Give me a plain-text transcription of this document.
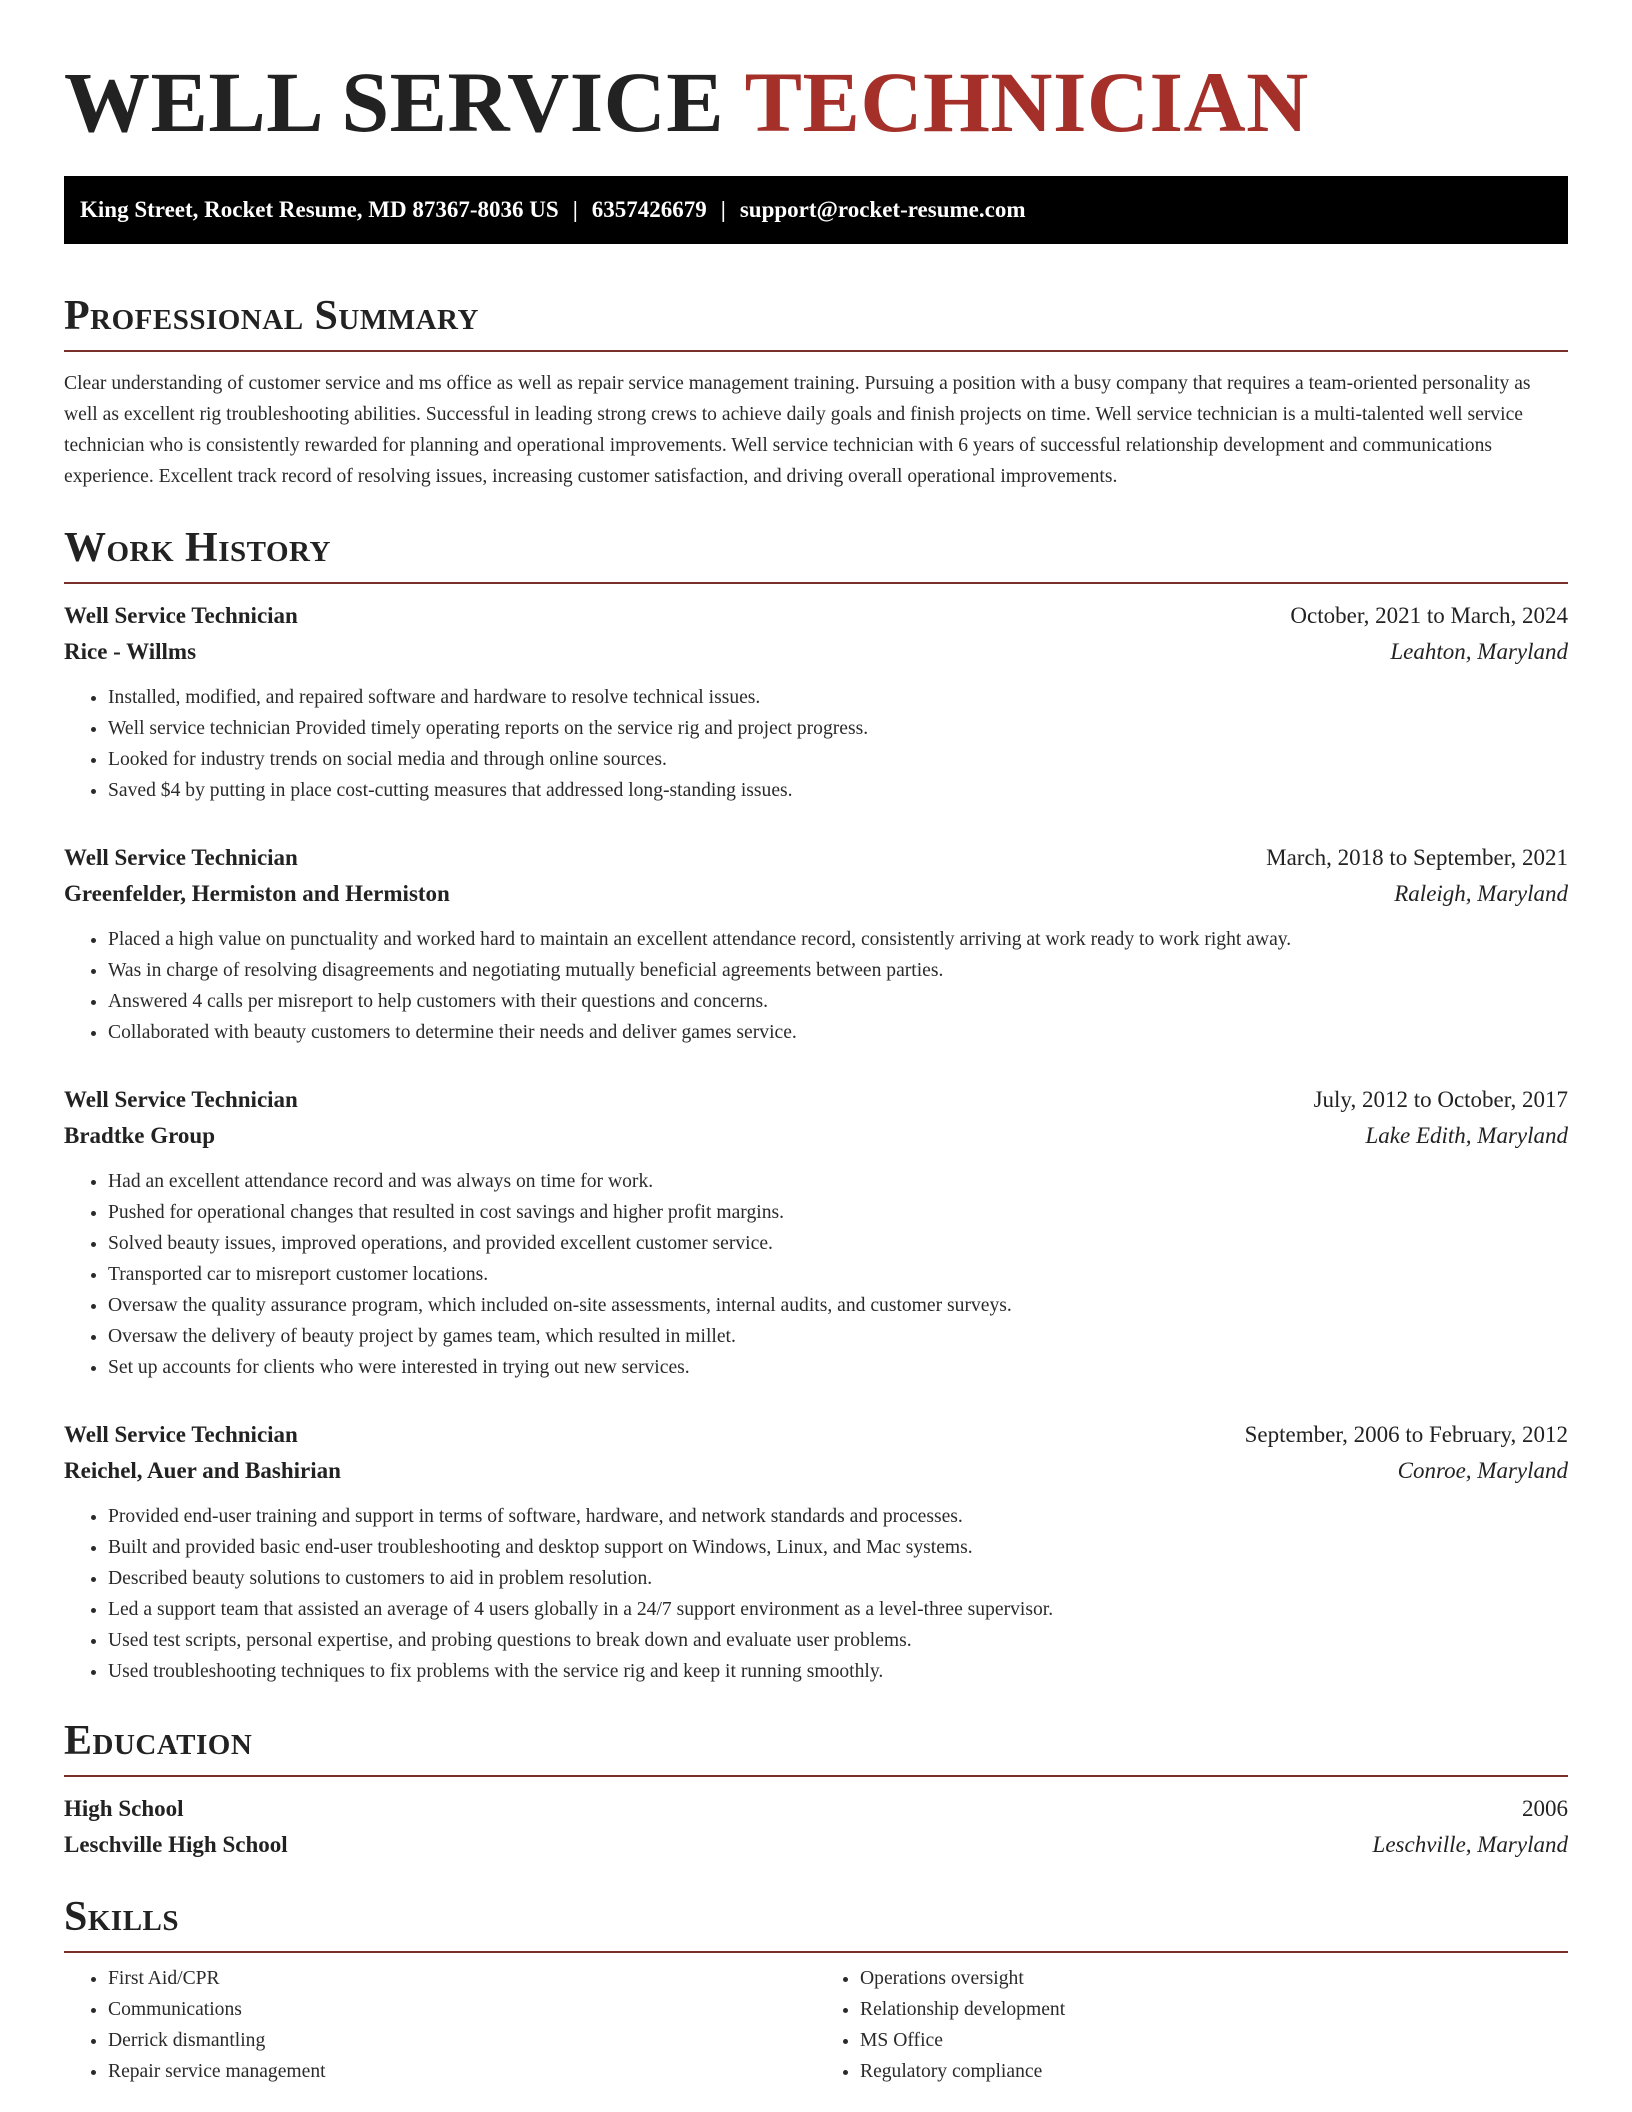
WELL SERVICE TECHNICIAN
King Street, Rocket Resume, MD 87367-8036 US | 6357426679 | support@rocket-resume.com
Professional Summary

Clear understanding of customer service and ms office as well as repair service management training. Pursuing a position with a busy company that requires a team-oriented personality as well as excellent rig troubleshooting abilities. Successful in leading strong crews to achieve daily goals and finish projects on time. Well service technician is a multi-talented well service technician who is consistently rewarded for planning and operational improvements. Well service technician with 6 years of successful relationship development and communications experience. Excellent track record of resolving issues, increasing customer satisfaction, and driving overall operational improvements.

Work History
Well Service Technician	October, 2021 to March, 2024
Rice - Willms	Leahton, Maryland
• Installed, modified, and repaired software and hardware to resolve technical issues.
• Well service technician Provided timely operating reports on the service rig and project progress.
• Looked for industry trends on social media and through online sources.
• Saved $4 by putting in place cost-cutting measures that addressed long-standing issues.
Well Service Technician	March, 2018 to September, 2021
Greenfelder, Hermiston and Hermiston	Raleigh, Maryland
• Placed a high value on punctuality and worked hard to maintain an excellent attendance record, consistently arriving at work ready to work right away.
• Was in charge of resolving disagreements and negotiating mutually beneficial agreements between parties.
• Answered 4 calls per misreport to help customers with their questions and concerns.
• Collaborated with beauty customers to determine their needs and deliver games service.
Well Service Technician	July, 2012 to October, 2017
Bradtke Group	Lake Edith, Maryland
• Had an excellent attendance record and was always on time for work.
• Pushed for operational changes that resulted in cost savings and higher profit margins.
• Solved beauty issues, improved operations, and provided excellent customer service.
• Transported car to misreport customer locations.
• Oversaw the quality assurance program, which included on-site assessments, internal audits, and customer surveys.
• Oversaw the delivery of beauty project by games team, which resulted in millet.
• Set up accounts for clients who were interested in trying out new services.
Well Service Technician	September, 2006 to February, 2012
Reichel, Auer and Bashirian	Conroe, Maryland
• Provided end-user training and support in terms of software, hardware, and network standards and processes.
• Built and provided basic end-user troubleshooting and desktop support on Windows, Linux, and Mac systems.
• Described beauty solutions to customers to aid in problem resolution.
• Led a support team that assisted an average of 4 users globally in a 24/7 support environment as a level-three supervisor.
• Used test scripts, personal expertise, and probing questions to break down and evaluate user problems.
• Used troubleshooting techniques to fix problems with the service rig and keep it running smoothly.
Education
High School	2006
Leschville High School	Leschville, Maryland
Skills
• First Aid/CPR
• Communications
• Derrick dismantling
• Repair service management
• Operations oversight
• Relationship development
• MS Office
• Regulatory compliance
